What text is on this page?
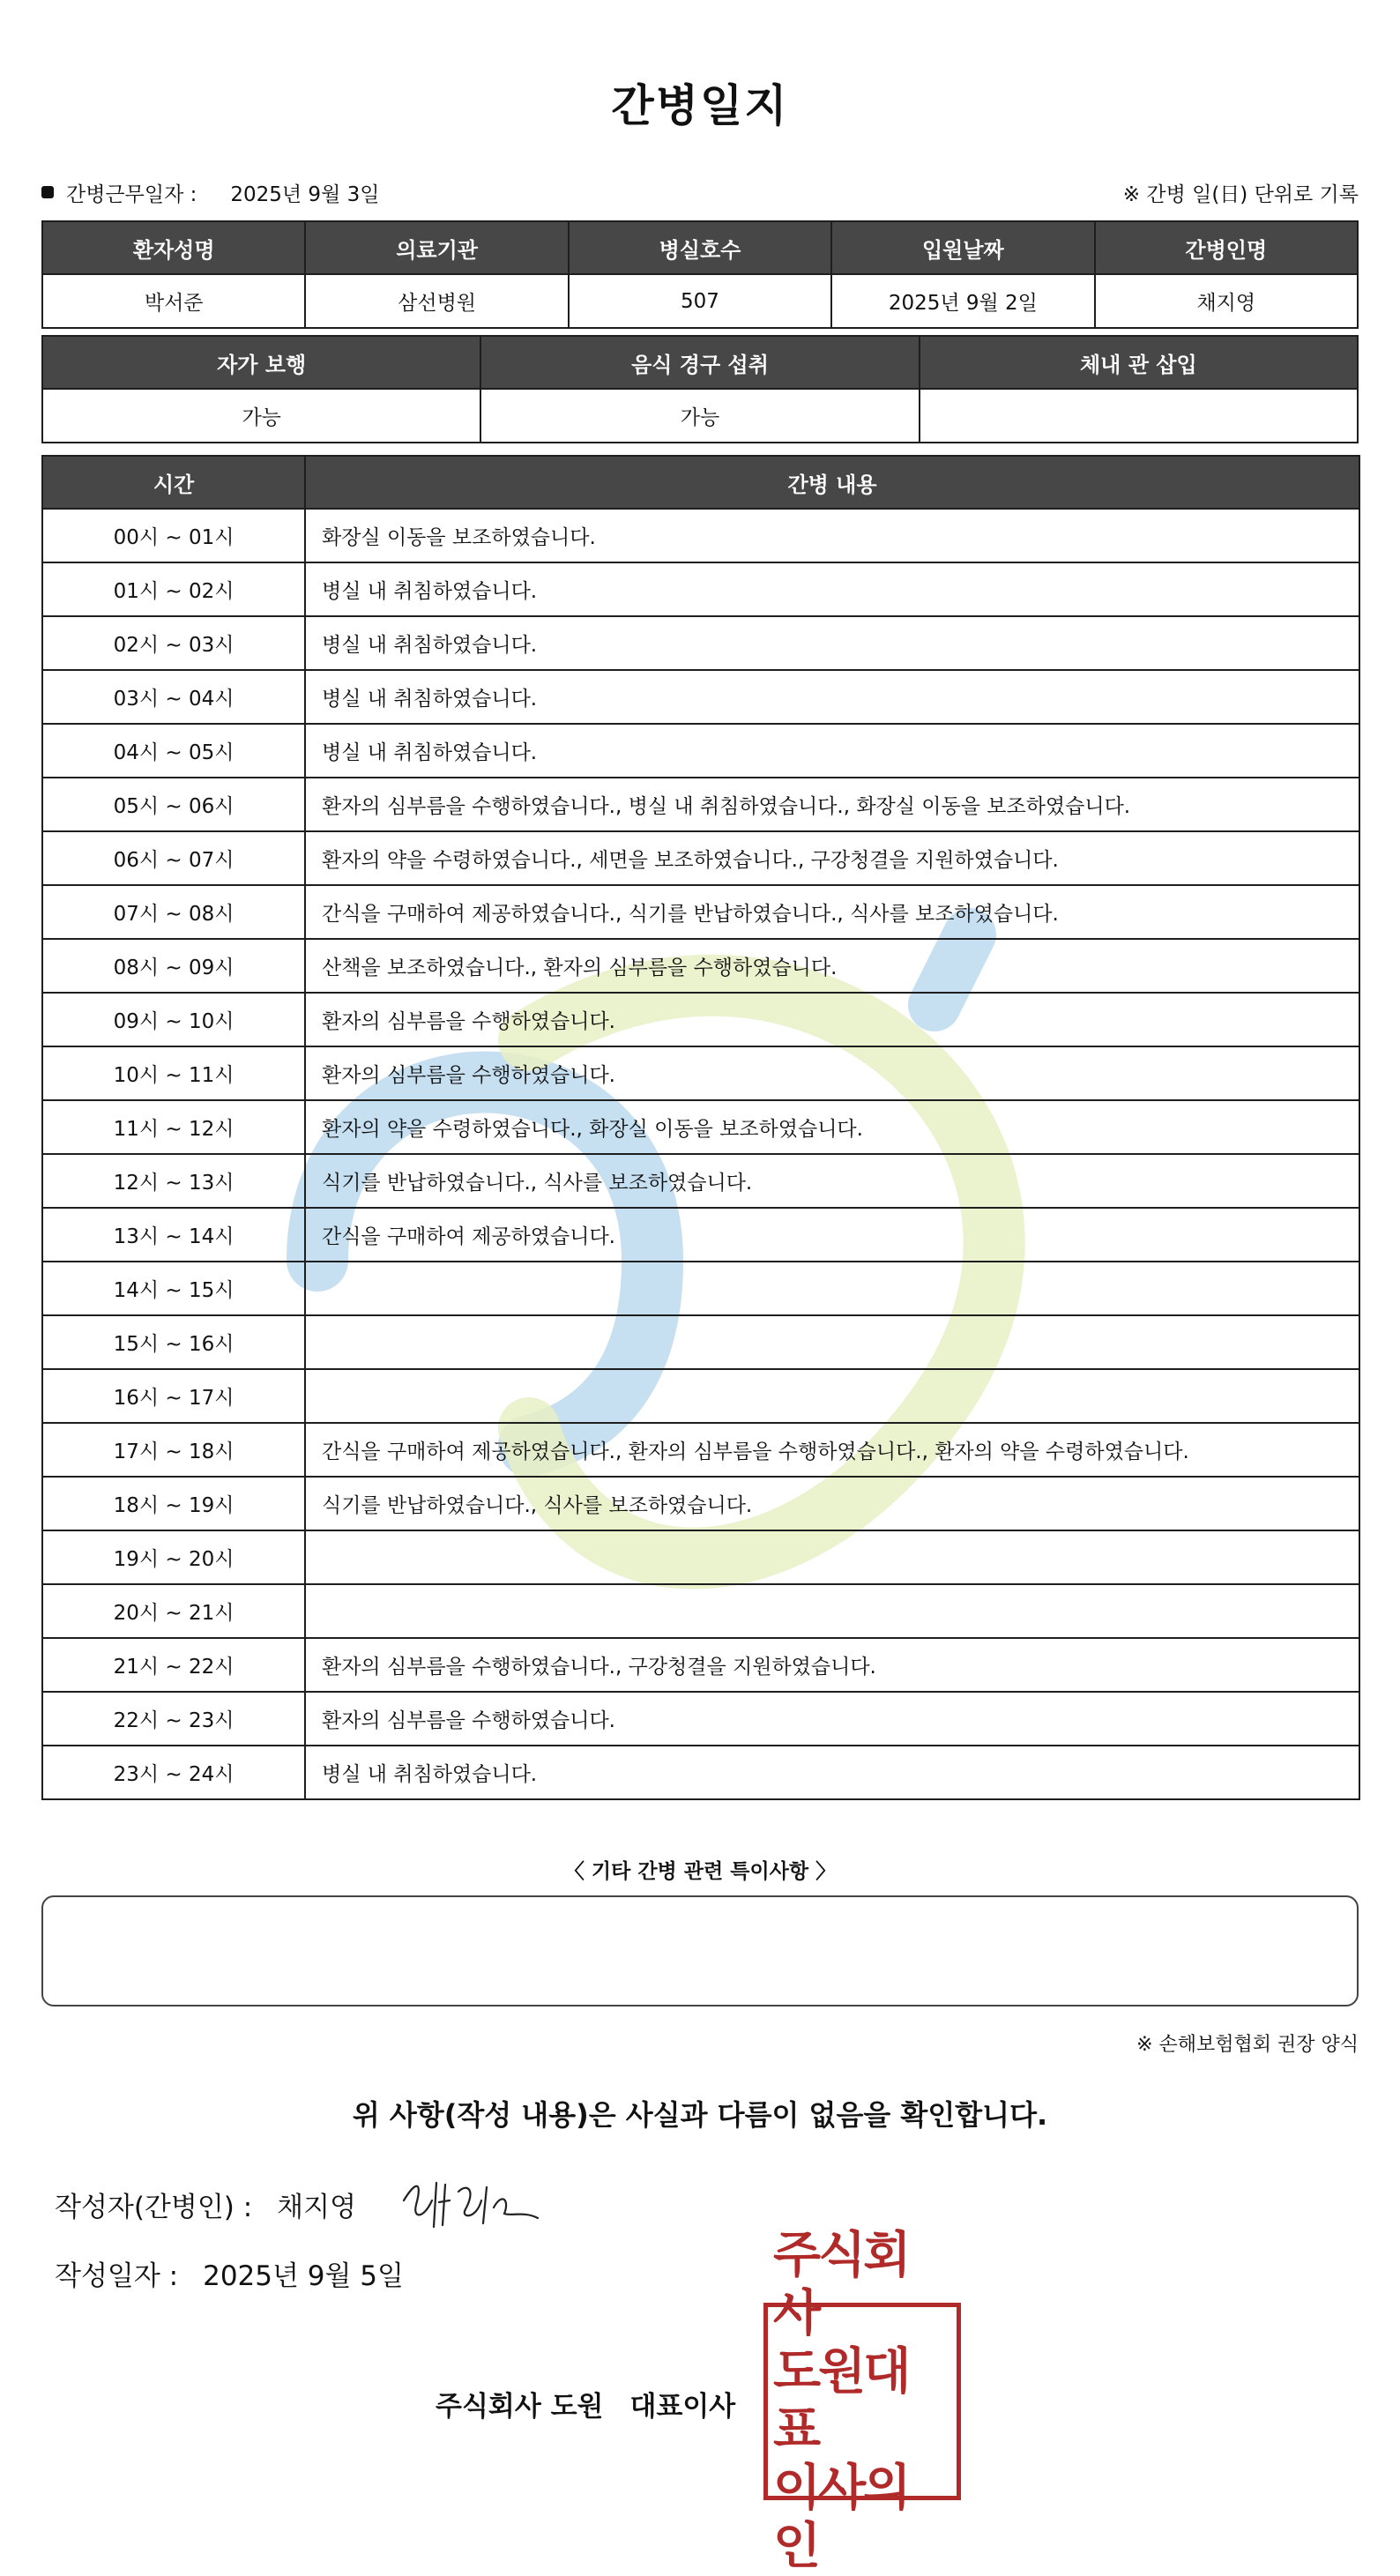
간병일지
간병근무일자 : 2025년 9월 3일	※ 간병 일(日) 단위로 기록
환자성명	의료기관	병실호수	입원날짜	간병인명
박서준	삼선병원	507	2025년 9월 2일	채지영
자가 보행	음식 경구 섭취	체내 관 삽입
가능	가능	
시간	간병 내용
00시 ~ 01시	화장실 이동을 보조하였습니다.
01시 ~ 02시	병실 내 취침하였습니다.
02시 ~ 03시	병실 내 취침하였습니다.
03시 ~ 04시	병실 내 취침하였습니다.
04시 ~ 05시	병실 내 취침하였습니다.
05시 ~ 06시	환자의 심부름을 수행하였습니다., 병실 내 취침하였습니다., 화장실 이동을 보조하였습니다.
06시 ~ 07시	환자의 약을 수령하였습니다., 세면을 보조하였습니다., 구강청결을 지원하였습니다.
07시 ~ 08시	간식을 구매하여 제공하였습니다., 식기를 반납하였습니다., 식사를 보조하였습니다.
08시 ~ 09시	산책을 보조하였습니다., 환자의 심부름을 수행하였습니다.
09시 ~ 10시	환자의 심부름을 수행하였습니다.
10시 ~ 11시	환자의 심부름을 수행하였습니다.
11시 ~ 12시	환자의 약을 수령하였습니다., 화장실 이동을 보조하였습니다.
12시 ~ 13시	식기를 반납하였습니다., 식사를 보조하였습니다.
13시 ~ 14시	간식을 구매하여 제공하였습니다.
14시 ~ 15시	
15시 ~ 16시	
16시 ~ 17시	
17시 ~ 18시	간식을 구매하여 제공하였습니다., 환자의 심부름을 수행하였습니다., 환자의 약을 수령하였습니다.
18시 ~ 19시	식기를 반납하였습니다., 식사를 보조하였습니다.
19시 ~ 20시	
20시 ~ 21시	
21시 ~ 22시	환자의 심부름을 수행하였습니다., 구강청결을 지원하였습니다.
22시 ~ 23시	환자의 심부름을 수행하였습니다.
23시 ~ 24시	병실 내 취침하였습니다.
〈 기타 간병 관련 특이사항 〉
※ 손해보험협회 권장 양식
위 사항(작성 내용)은 사실과 다름이 없음을 확인합니다.
작성자(간병인) : 채지영
작성일자 : 2025년 9월 5일
주식회사 도원 대표이사
주식회사
도원대표
이사의인
